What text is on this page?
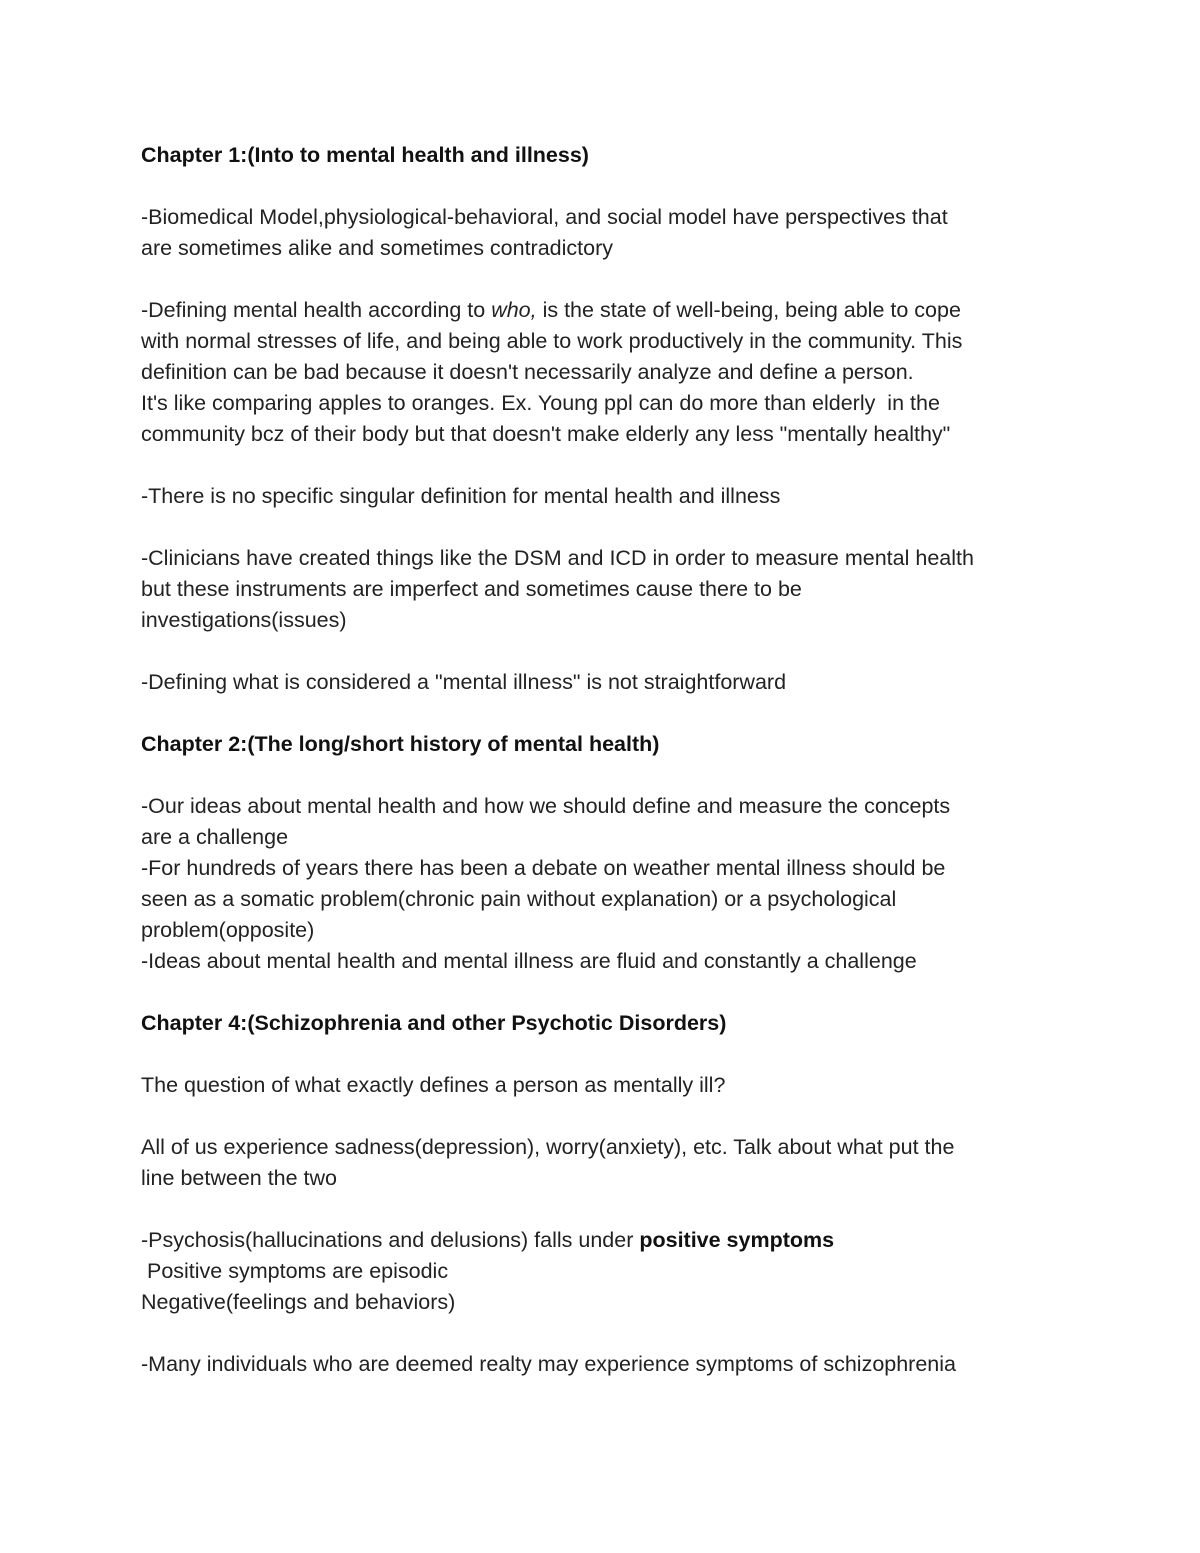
Chapter 1:(Into to mental health and illness)
-Biomedical Model,physiological-behavioral, and social model have perspectives that
are sometimes alike and sometimes contradictory
-Defining mental health according to who, is the state of well-being, being able to cope
with normal stresses of life, and being able to work productively in the community. This
definition can be bad because it doesn't necessarily analyze and define a person.
It's like comparing apples to oranges. Ex. Young ppl can do more than elderly  in the
community bcz of their body but that doesn't make elderly any less "mentally healthy"
-There is no specific singular definition for mental health and illness
-Clinicians have created things like the DSM and ICD in order to measure mental health
but these instruments are imperfect and sometimes cause there to be
investigations(issues)
-Defining what is considered a "mental illness" is not straightforward
Chapter 2:(The long/short history of mental health)
-Our ideas about mental health and how we should define and measure the concepts
are a challenge
-For hundreds of years there has been a debate on weather mental illness should be
seen as a somatic problem(chronic pain without explanation) or a psychological
problem(opposite)
-Ideas about mental health and mental illness are fluid and constantly a challenge
Chapter 4:(Schizophrenia and other Psychotic Disorders)
The question of what exactly defines a person as mentally ill?
All of us experience sadness(depression), worry(anxiety), etc. Talk about what put the
line between the two
-Psychosis(hallucinations and delusions) falls under positive symptoms
Positive symptoms are episodic
Negative(feelings and behaviors)
-Many individuals who are deemed realty may experience symptoms of schizophrenia
